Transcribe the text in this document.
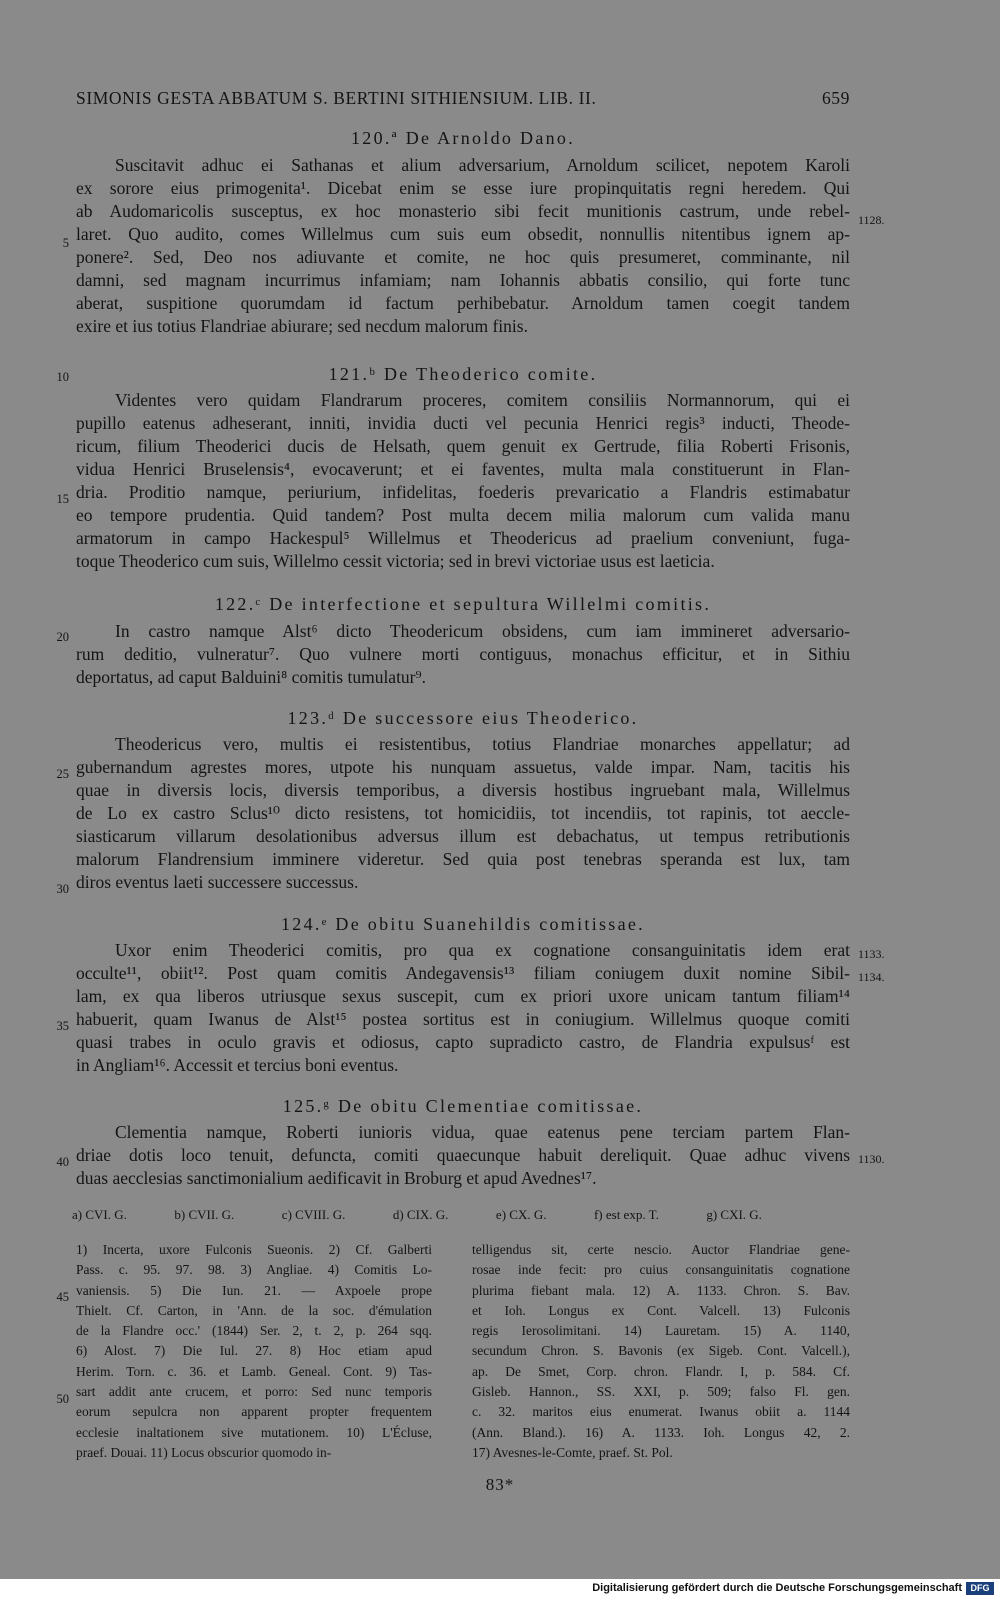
SIMONIS GESTA ABBATUM S. BERTINI SITHIENSIUM. LIB. II.	659
120.ª De Arnoldo Dano.
Suscitavit adhuc ei Sathanas et alium adversarium, Arnoldum scilicet, nepotem Karoli
ex sorore eius primogenita¹. Dicebat enim se esse iure propinquitatis regni heredem. Qui
ab Audomaricolis susceptus, ex hoc monasterio sibi fecit munitionis castrum, unde rebel-
laret. Quo audito, comes Willelmus cum suis eum obsedit, nonnullis nitentibus ignem ap-
ponere². Sed, Deo nos adiuvante et comite, ne hoc quis presumeret, comminante, nil
damni, sed magnam incurrimus infamiam; nam Iohannis abbatis consilio, qui forte tunc
aberat, suspitione quorumdam id factum perhibebatur. Arnoldum tamen coegit tandem
exire et ius totius Flandriae abiurare; sed necdum malorum finis.
121.ᵇ De Theoderico comite.
Videntes vero quidam Flandrarum proceres, comitem consiliis Normannorum, qui ei
pupillo eatenus adheserant, inniti, invidia ducti vel pecunia Henrici regis³ inducti, Theode-
ricum, filium Theoderici ducis de Helsath, quem genuit ex Gertrude, filia Roberti Frisonis,
vidua Henrici Bruselensis⁴, evocaverunt; et ei faventes, multa mala constituerunt in Flan-
dria. Proditio namque, periurium, infidelitas, foederis prevaricatio a Flandris estimabatur
eo tempore prudentia. Quid tandem? Post multa decem milia malorum cum valida manu
armatorum in campo Hackespul⁵ Willelmus et Theodericus ad praelium conveniunt, fuga-
toque Theoderico cum suis, Willelmo cessit victoria; sed in brevi victoriae usus est laeticia.
122.ᶜ De interfectione et sepultura Willelmi comitis.
In castro namque Alst⁶ dicto Theodericum obsidens, cum iam immineret adversario-
rum deditio, vulneratur⁷. Quo vulnere morti contiguus, monachus efficitur, et in Sithiu
deportatus, ad caput Balduini⁸ comitis tumulatur⁹.
123.ᵈ De successore eius Theoderico.
Theodericus vero, multis ei resistentibus, totius Flandriae monarches appellatur; ad
gubernandum agrestes mores, utpote his nunquam assuetus, valde impar. Nam, tacitis his
quae in diversis locis, diversis temporibus, a diversis hostibus ingruebant mala, Willelmus
de Lo ex castro Sclus¹⁰ dicto resistens, tot homicidiis, tot incendiis, tot rapinis, tot aeccle-
siasticarum villarum desolationibus adversus illum est debachatus, ut tempus retributionis
malorum Flandrensium imminere videretur. Sed quia post tenebras speranda est lux, tam
diros eventus laeti successere successus.
124.ᵉ De obitu Suanehildis comitissae.
Uxor enim Theoderici comitis, pro qua ex cognatione consanguinitatis idem erat
occulte¹¹, obiit¹². Post quam comitis Andegavensis¹³ filiam coniugem duxit nomine Sibil-
lam, ex qua liberos utriusque sexus suscepit, cum ex priori uxore unicam tantum filiam¹⁴
habuerit, quam Iwanus de Alst¹⁵ postea sortitus est in coniugium. Willelmus quoque comiti
quasi trabes in oculo gravis et odiosus, capto supradicto castro, de Flandria expulsusᶠ est
in Angliam¹⁶. Accessit et tercius boni eventus.
125.ᵍ De obitu Clementiae comitissae.
Clementia namque, Roberti iunioris vidua, quae eatenus pene terciam partem Flan-
driae dotis loco tenuit, defuncta, comiti quaecunque habuit dereliquit. Quae adhuc vivens
duas aecclesias sanctimonialium aedificavit in Broburg et apud Avednes¹⁷.
5
10
15
20
25
30
35
40
45
50
1128.
1133.
1134.
1130.
a) CVI. G.	b) CVII. G.	c) CVIII. G.	d) CIX. G.	e) CX. G.	f) est exp. T.	g) CXI. G.
1) Incerta, uxore Fulconis Sueonis. 2) Cf. Galberti
Pass. c. 95. 97. 98. 3) Angliae. 4) Comitis Lo-
vaniensis. 5) Die Iun. 21. — Axpoele prope
Thielt. Cf. Carton, in 'Ann. de la soc. d'émulation
de la Flandre occ.' (1844) Ser. 2, t. 2, p. 264 sqq.
6) Alost. 7) Die Iul. 27. 8) Hoc etiam apud
Herim. Torn. c. 36. et Lamb. Geneal. Cont. 9) Tas-
sart addit ante crucem, et porro: Sed nunc temporis
eorum sepulcra non apparent propter frequentem
ecclesie inaltationem sive mutationem. 10) L'Écluse,
praef. Douai. 11) Locus obscurior quomodo in-
telligendus sit, certe nescio. Auctor Flandriae gene-
rosae inde fecit: pro cuius consanguinitatis cognatione
plurima fiebant mala. 12) A. 1133. Chron. S. Bav.
et Ioh. Longus ex Cont. Valcell. 13) Fulconis
regis Ierosolimitani. 14) Lauretam. 15) A. 1140,
secundum Chron. S. Bavonis (ex Sigeb. Cont. Valcell.),
ap. De Smet, Corp. chron. Flandr. I, p. 584. Cf.
Gisleb. Hannon., SS. XXI, p. 509; falso Fl. gen.
c. 32. maritos eius enumerat. Iwanus obiit a. 1144
(Ann. Bland.). 16) A. 1133. Ioh. Longus 42, 2.
17) Avesnes-le-Comte, praef. St. Pol.
83*
Digitalisierung gefördert durch die Deutsche Forschungsgemeinschaft DFG
